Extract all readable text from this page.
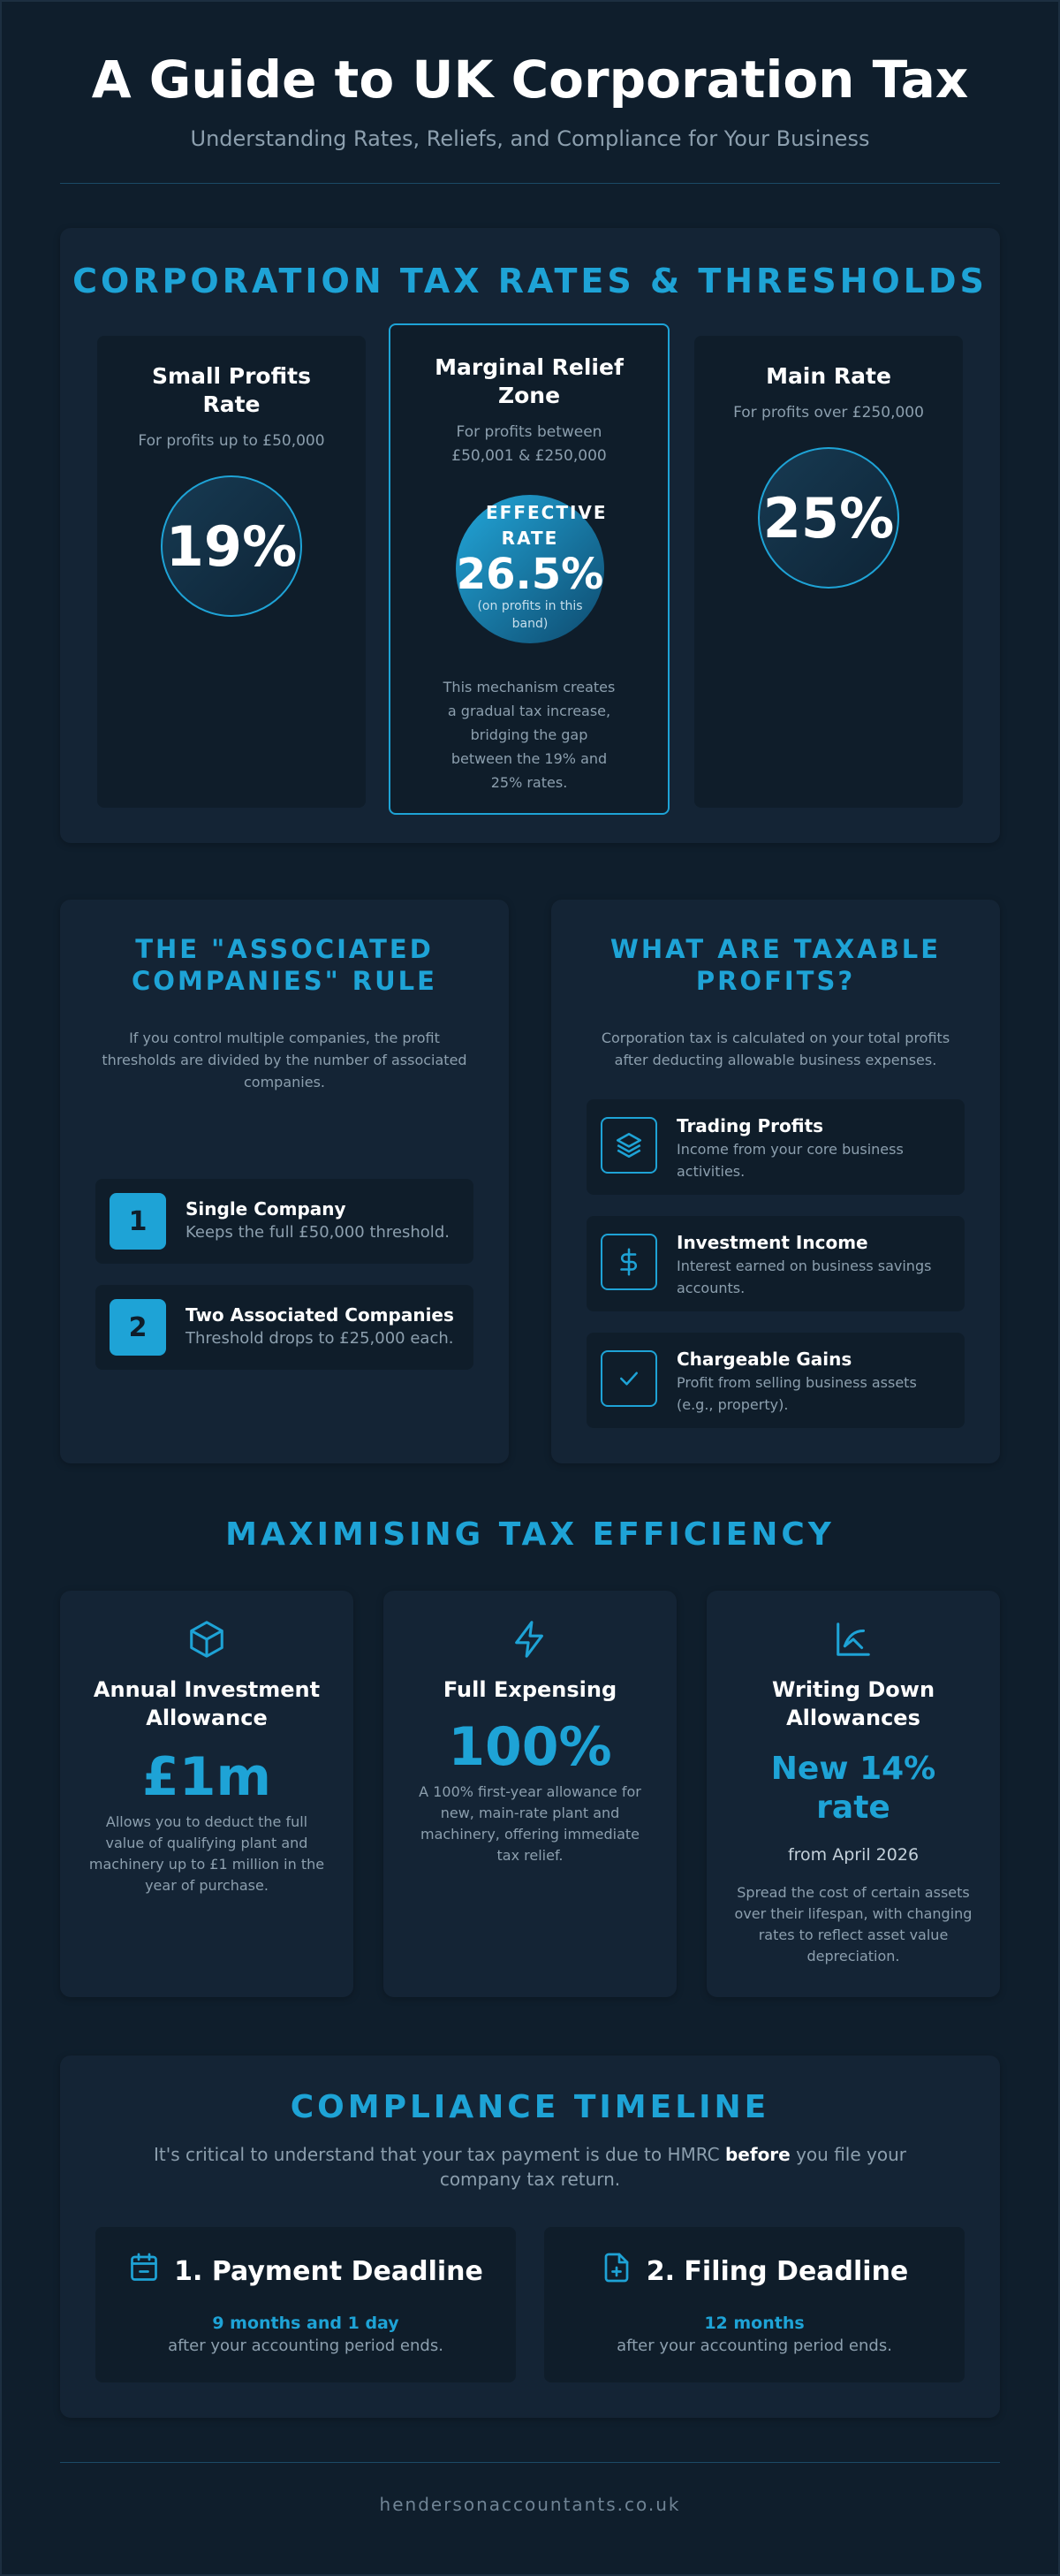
A Guide to UK Corporation Tax
Understanding Rates, Reliefs, and Compliance for Your Business
CORPORATION TAX RATES & THRESHOLDS
Small Profits Rate
For profits up to £50,000
19%
Marginal Relief Zone
For profits between £50,001 & £250,000
EFFECTIVE RATE
26.5%
(on profits in this band)
This mechanism creates a gradual tax increase, bridging the gap between the 19% and 25% rates.
Main Rate
For profits over £250,000
25%
THE "ASSOCIATED COMPANIES" RULE
If you control multiple companies, the profit thresholds are divided by the number of associated companies.
1	Single Company
Keeps the full £50,000 threshold.
2	Two Associated Companies
Threshold drops to £25,000 each.
WHAT ARE TAXABLE PROFITS?
Corporation tax is calculated on your total profits after deducting allowable business expenses.
Trading Profits
Income from your core business activities.
Investment Income
Interest earned on business savings accounts.
Chargeable Gains
Profit from selling business assets (e.g., property).
MAXIMISING TAX EFFICIENCY
Annual Investment Allowance
£1m
Allows you to deduct the full value of qualifying plant and machinery up to £1 million in the year of purchase.
Full Expensing
100%
A 100% first-year allowance for new, main-rate plant and machinery, offering immediate tax relief.
Writing Down Allowances
New 14% rate
from April 2026
Spread the cost of certain assets over their lifespan, with changing rates to reflect asset value depreciation.
COMPLIANCE TIMELINE
It's critical to understand that your tax payment is due to HMRC before you file your company tax return.
1. Payment Deadline
9 months and 1 day
after your accounting period ends.
2. Filing Deadline
12 months
after your accounting period ends.
hendersonaccountants.co.uk
